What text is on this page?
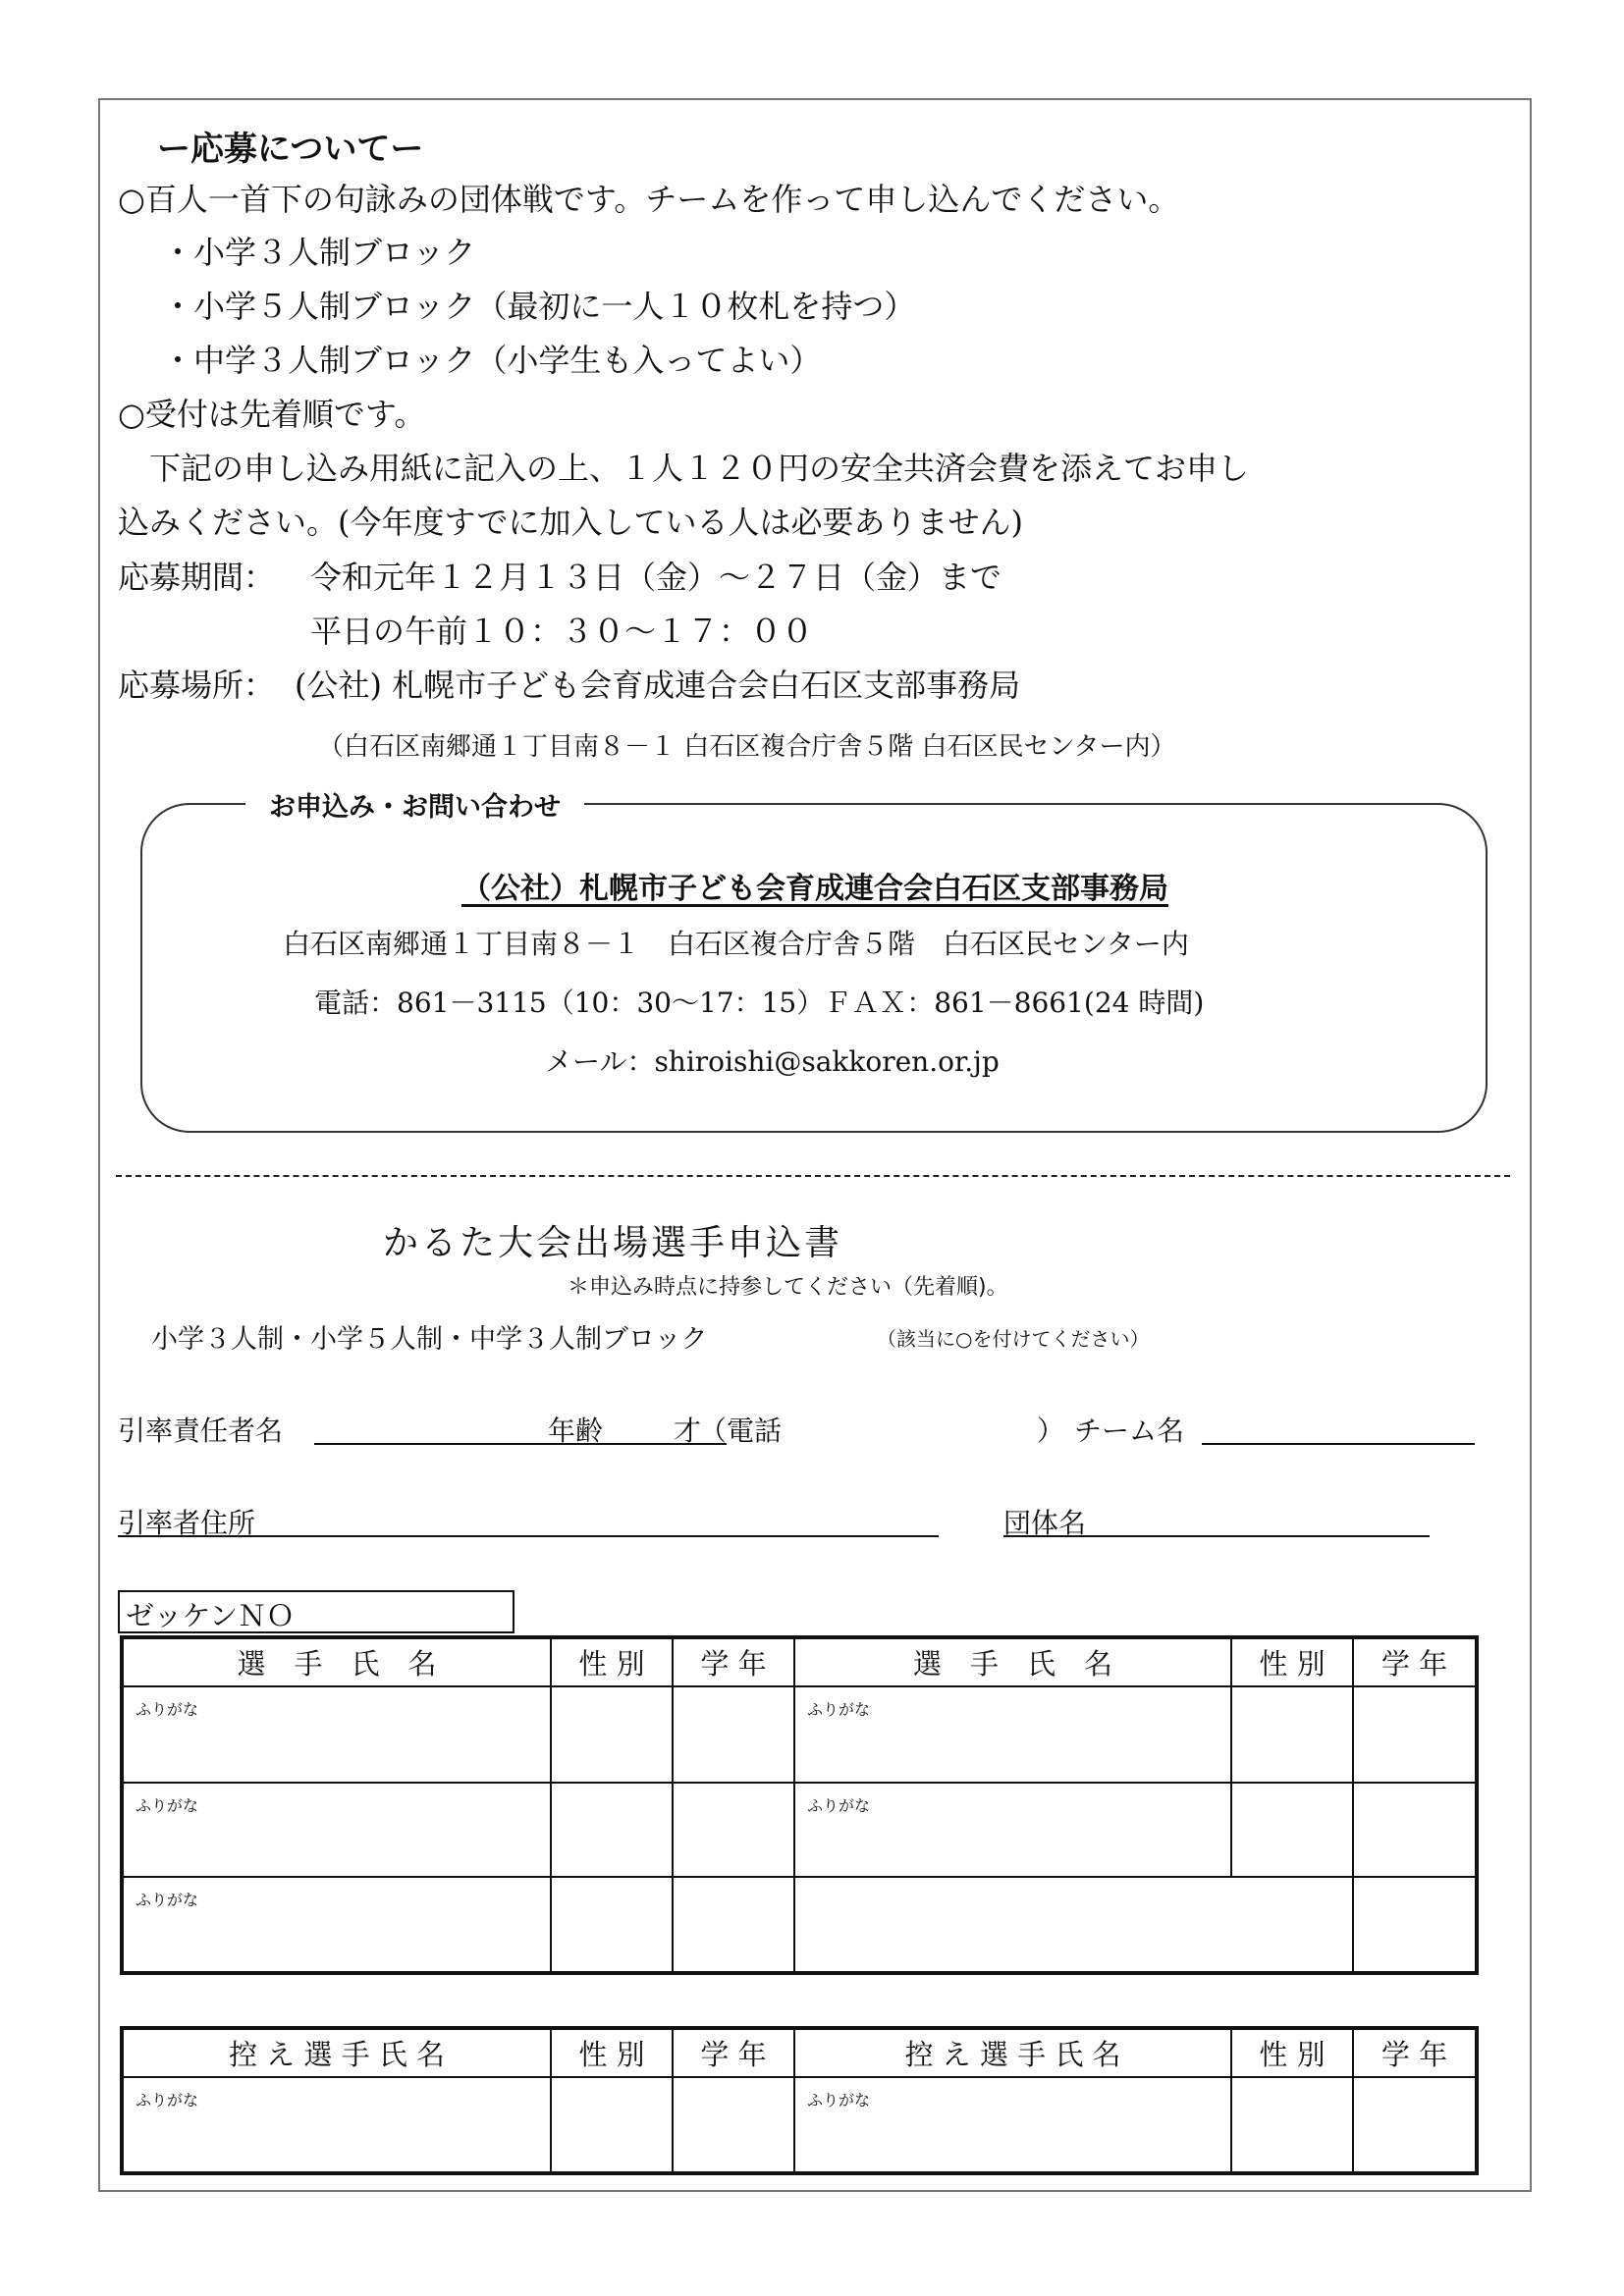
ー応募についてー
○百人一首下の句詠みの団体戦です。チームを作って申し込んでください。
・小学３人制ブロック
・小学５人制ブロック（最初に一人１０枚札を持つ）
・中学３人制ブロック（小学生も入ってよい）
○受付は先着順です。
下記の申し込み用紙に記入の上、１人１２０円の安全共済会費を添えてお申し
込みください。(今年度すでに加入している人は必要ありません)
応募期間： 令和元年１２月１３日（金）～２７日（金）まで
平日の午前１０：３０～１７：００
応募場所： (公社) 札幌市子ども会育成連合会白石区支部事務局
（白石区南郷通１丁目南８－１ 白石区複合庁舎５階 白石区民センター内）
お申込み・お問い合わせ
（公社）札幌市子ども会育成連合会白石区支部事務局
白石区南郷通１丁目南８－１　白石区複合庁舎５階　白石区民センター内
電話：861－3115（10：30～17：15）ＦＡＸ：861－8661(24 時間)
メール：shiroishi@sakkoren.or.jp
かるた大会出場選手申込書
＊申込み時点に持参してください（先着順)。
小学３人制・小学５人制・中学３人制ブロック	（該当に○を付けてください）
引率責任者名	年齢	才
（電話	） チーム名
引率者住所	団体名
ゼッケンＮＯ
選　手　氏　名	性 別	学 年	選　手　氏　名	性 別	学 年

ふりがな			ふりがな		

ふりがな			ふりがな		

ふりがな					

控 え 選 手 氏 名	性 別	学 年	控 え 選 手 氏 名	性 別	学 年

ふりがな			ふりがな		
